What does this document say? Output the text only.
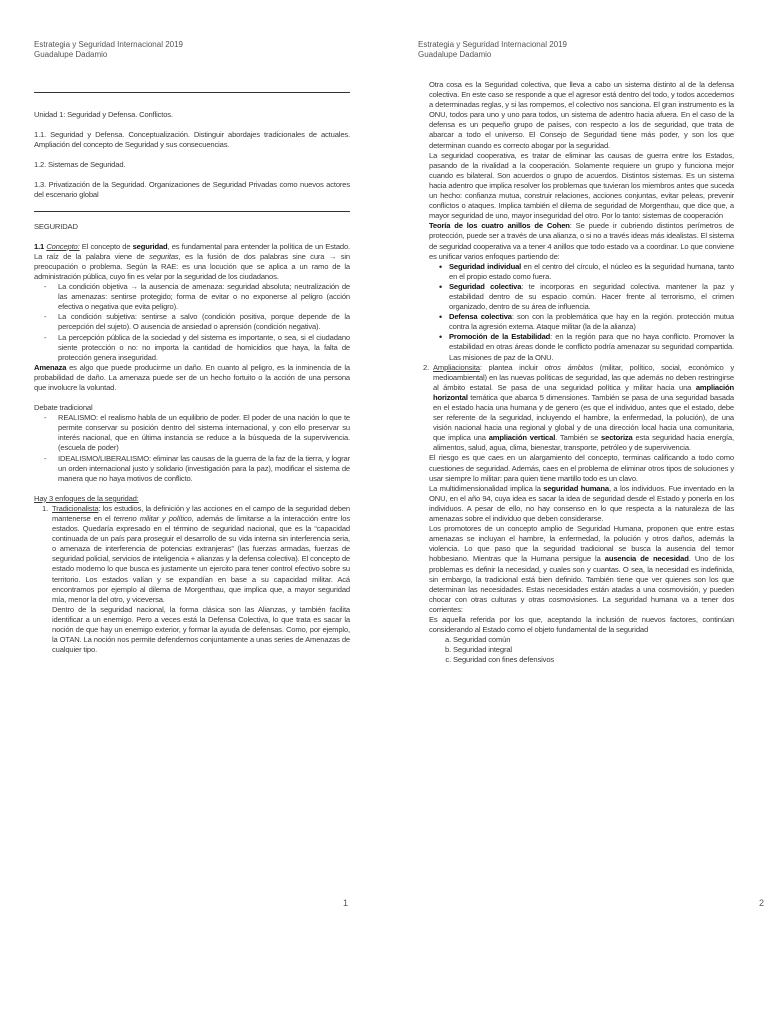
Estrategia y Seguridad Internacional 2019
Guadalupe Dadamio

Unidad 1: Seguridad y Defensa. Conflictos.

1.1. Seguridad y Defensa. Conceptualización. Distinguir abordajes tradicionales de actuales. Ampliación del concepto de Seguridad y sus consecuencias.

1.2. Sistemas de Seguridad.

1.3. Privatización de la Seguridad. Organizaciones de Seguridad Privadas como nuevos actores del escenario global

SEGURIDAD

1.1 Concepto: El concepto de seguridad, es fundamental para entender la política de un Estado. La raíz de la palabra viene de seguritas, es la fusión de dos palabras sine cura → sin preocupación o problema. Según la RAE: es una locución que se aplica a un ramo de la administración pública, cuyo fin es velar por la seguridad de los ciudadanos.

- La condición objetiva → la ausencia de amenaza: seguridad absoluta; neutralización de las amenazas: sentirse protegido; forma de evitar o no exponerse al peligro (acción efectiva o negativa que evita peligro).
- La condición subjetiva: sentirse a salvo (condición positiva, porque depende de la percepción del sujeto). O ausencia de ansiedad o aprensión (condición negativa).
- La percepción pública de la sociedad y del sistema es importante, o sea, si el ciudadano siente protección o no: no importa la cantidad de homicidios que haya, la falta de protección genera inseguridad.

Amenaza es algo que puede producirme un daño. En cuanto al peligro, es la inminencia de la probabilidad de daño. La amenaza puede ser de un hecho fortuito o la acción de una persona que involucre la voluntad.

Debate tradicional

- REALISMO: el realismo habla de un equilibrio de poder. El poder de una nación lo que te permite conservar su posición dentro del sistema internacional, y con ello preservar su interés nacional, que en última instancia se reduce a la búsqueda de la supervivencia. (escuela de poder)
- IDEALISMO/LIBERALISMO: eliminar las causas de la guerra de la faz de la tierra, y lograr un orden internacional justo y solidario (investigación para la paz), modificar el sistema de manera que no haya motivos de conflicto.

Hay 3 enfoques de la seguridad:

1. Tradicionalista: los estudios, la definición y las acciones en el campo de la seguridad deben mantenerse en el terreno militar y político, además de limitarse a la interacción entre los estados. Quedaría expresado en el término de seguridad nacional, que es la “capacidad continuada de un país para proseguir el desarrollo de su vida interna sin interferencia seria, o amenaza de interferencia de potencias extranjeras” (las fuerzas armadas, fuerzas de seguridad policial, servicios de inteligencia + alianzas y la defensa colectiva). El concepto de estado moderno lo que busca es justamente un ejercito para tener control efectivo sobre su territorio. Los estados valían y se expandían en base a su capacidad militar. Acá encontramos por ejemplo al dilema de Morgenthau, que implica que, a mayor seguridad mía, menor la del otro, y viceversa.
Dentro de la seguridad nacional, la forma clásica son las Alianzas, y también facilita identificar a un enemigo. Pero a veces está la Defensa Colectiva, lo que trata es sacar la noción de que hay un enemigo exterior, y formar la ayuda de defensas. Como, por ejemplo, la OTAN. La noción nos permite defendernos conjuntamente a unas series de Amenazas de cualquier tipo.
1
Estrategia y Seguridad Internacional 2019
Guadalupe Dadamio

Otra cosa es la Seguridad colectiva, que lleva a cabo un sistema distinto al de la defensa colectiva. En este caso se responde a que el agresor está dentro del todo, y todos accedemos a determinadas reglas, y si las rompemos, el colectivo nos sanciona. El gran instrumento es la ONU, todos para uno y uno para todos, un sistema de adentro hacia afuera. En el caso de la defensa es un pequeño grupo de países, con respecto a los de seguridad, que trata de abarcar a todo el universo. El Consejo de Seguridad tiene más poder, y son los que determinan cuando es correcto abogar por la seguridad.

La seguridad cooperativa, es tratar de eliminar las causas de guerra entre los Estados, pasando de la rivalidad a la cooperación. Solamente requiere un grupo y funciona mejor cuando es bilateral. Son acuerdos o grupo de acuerdos. Distintos sistemas. Es un sistema hacia adentro que implica resolver los problemas que tuvieran los miembros antes que suceda un hecho: confianza mutua, construir relaciones, acciones conjuntas, evitar peleas, prevenir conflictos o ataques. Implica también el dilema de seguridad de Morgenthau, que dice que, a mayor seguridad de uno, mayor inseguridad del otro. Por lo tanto: sistemas de cooperación

Teoría de los cuatro anillos de Cohen: Se puede ir cubriendo distintos perímetros de protección, puede ser a través de una alianza, o si no a través ideas más idealistas. El sistema de seguridad cooperativa va a tener 4 anillos que todo estado va a coordinar. Lo que conviene es unificar varios enfoques partiendo de:

• Seguridad individual en el centro del círculo, el núcleo es la seguridad humana, tanto en el propio estado como fuera.
• Seguridad colectiva: te incorporas en seguridad colectiva. mantener la paz y estabilidad dentro de su espacio común. Hacer frente al terrorismo, el crimen organizado, dentro de su área de influencia.
• Defensa colectiva: son con la problemática que hay en la región. protección mutua contra la agresión externa. Ataque militar (la de la alianza)
• Promoción de la Estabilidad: en la región para que no haya conflicto. Promover la estabilidad en otras áreas donde le conflicto podría amenazar su seguridad compartida. Las misiones de paz de la ONU.
2. Ampliacionsita: plantea incluir otros ámbitos (militar, político, social, económico y medioambiental) en las nuevas políticas de seguridad, las que además no deben restringirse al ámbito estatal. Se pasa de una seguridad política y militar hacia una ampliación horizontal temática que abarca 5 dimensiones. También se pasa de una seguridad basada en el estado hacia una humana y de genero (es que el individuo, antes que el estado, debe ser referente de la seguridad, incluyendo el hambre, la enfermedad, la polución), de una visión nacional hacia una regional y global y de una dirección local hacia una comunitaria, que implica una ampliación vertical. También se sectoriza esta seguridad hacia energía, alimentos, salud, agua, clima, bienestar, transporte, petróleo y de supervivencia.

El riesgo es que caes en un alargamiento del concepto, terminas calificando a todo como cuestiones de seguridad. Además, caes en el problema de eliminar otros tipos de soluciones y usar siempre lo militar: para quien tiene martillo todo es un clavo.

La multidimensionalidad implica la seguridad humana, a los individuos. Fue inventado en la ONU, en el año 94, cuya idea es sacar la idea de seguridad desde el Estado y ponerla en los individuos. A pesar de ello, no hay consenso en lo que respecta a la naturaleza de las amenazas sobre el individuo que deben considerarse.

Los promotores de un concepto amplio de Seguridad Humana, proponen que entre estas amenazas se incluyan el hambre, la enfermedad, la polución y otros daños, además la violencia. Lo que paso que la seguridad tradicional se busca la ausencia del temor hobbesiano. Mientras que la Humana persigue la ausencia de necesidad. Uno de los problemas es definir la necesidad, y cuales son y cuantas. O sea, la necesidad es indefinida, sin embargo, la tradicional está bien definido. También tiene que ver quienes son los que determinan las necesidades. Estas necesidades están atadas a una cosmovisión, y pueden chocar con otras culturas y otras cosmovisiones. La seguridad humana va a tener dos corrientes:

Es aquella referida por los que, aceptando la inclusión de nuevos factores, continúan considerando al Estado como el objeto fundamental de la seguridad

a. Seguridad común
b. Seguridad integral
c. Seguridad con fines defensivos
2
